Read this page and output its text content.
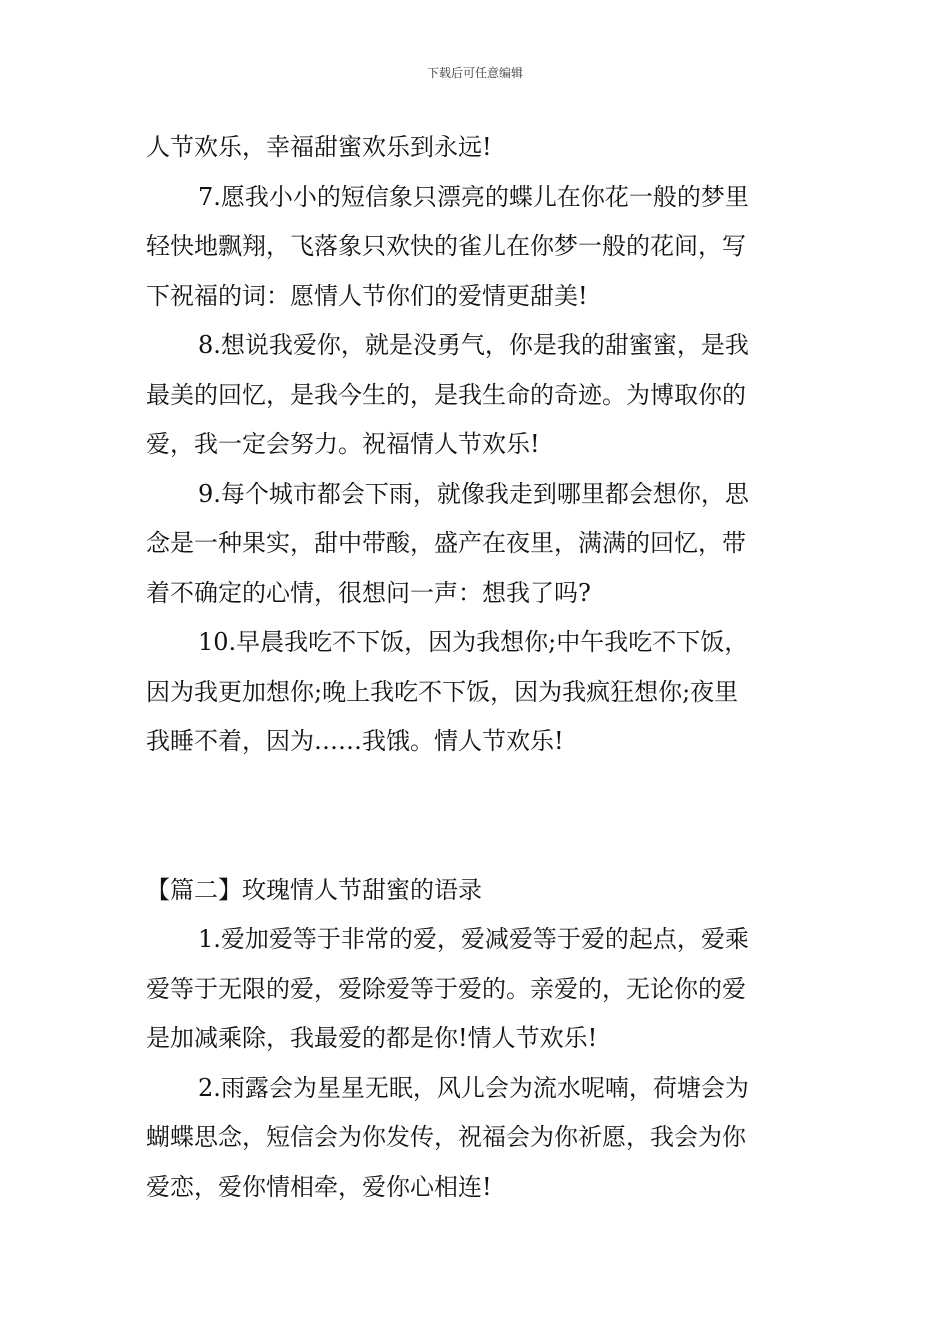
下载后可任意编辑

人节欢乐，幸福甜蜜欢乐到永远!

7.愿我小小的短信象只漂亮的蝶儿在你花一般的梦里

轻快地飘翔，飞落象只欢快的雀儿在你梦一般的花间，写

下祝福的词：愿情人节你们的爱情更甜美!

8.想说我爱你，就是没勇气，你是我的甜蜜蜜，是我

最美的回忆，是我今生的，是我生命的奇迹。为博取你的

爱，我一定会努力。祝福情人节欢乐!

9.每个城市都会下雨，就像我走到哪里都会想你，思

念是一种果实，甜中带酸，盛产在夜里，满满的回忆，带

着不确定的心情，很想问一声：想我了吗?

10.早晨我吃不下饭，因为我想你;中午我吃不下饭，

因为我更加想你;晚上我吃不下饭，因为我疯狂想你;夜里

我睡不着，因为……我饿。情人节欢乐!

【篇二】玫瑰情人节甜蜜的语录

1.爱加爱等于非常的爱，爱减爱等于爱的起点，爱乘

爱等于无限的爱，爱除爱等于爱的。亲爱的，无论你的爱

是加减乘除，我最爱的都是你!情人节欢乐!

2.雨露会为星星无眠，风儿会为流水呢喃，荷塘会为

蝴蝶思念，短信会为你发传，祝福会为你祈愿，我会为你

爱恋，爱你情相牵，爱你心相连!
